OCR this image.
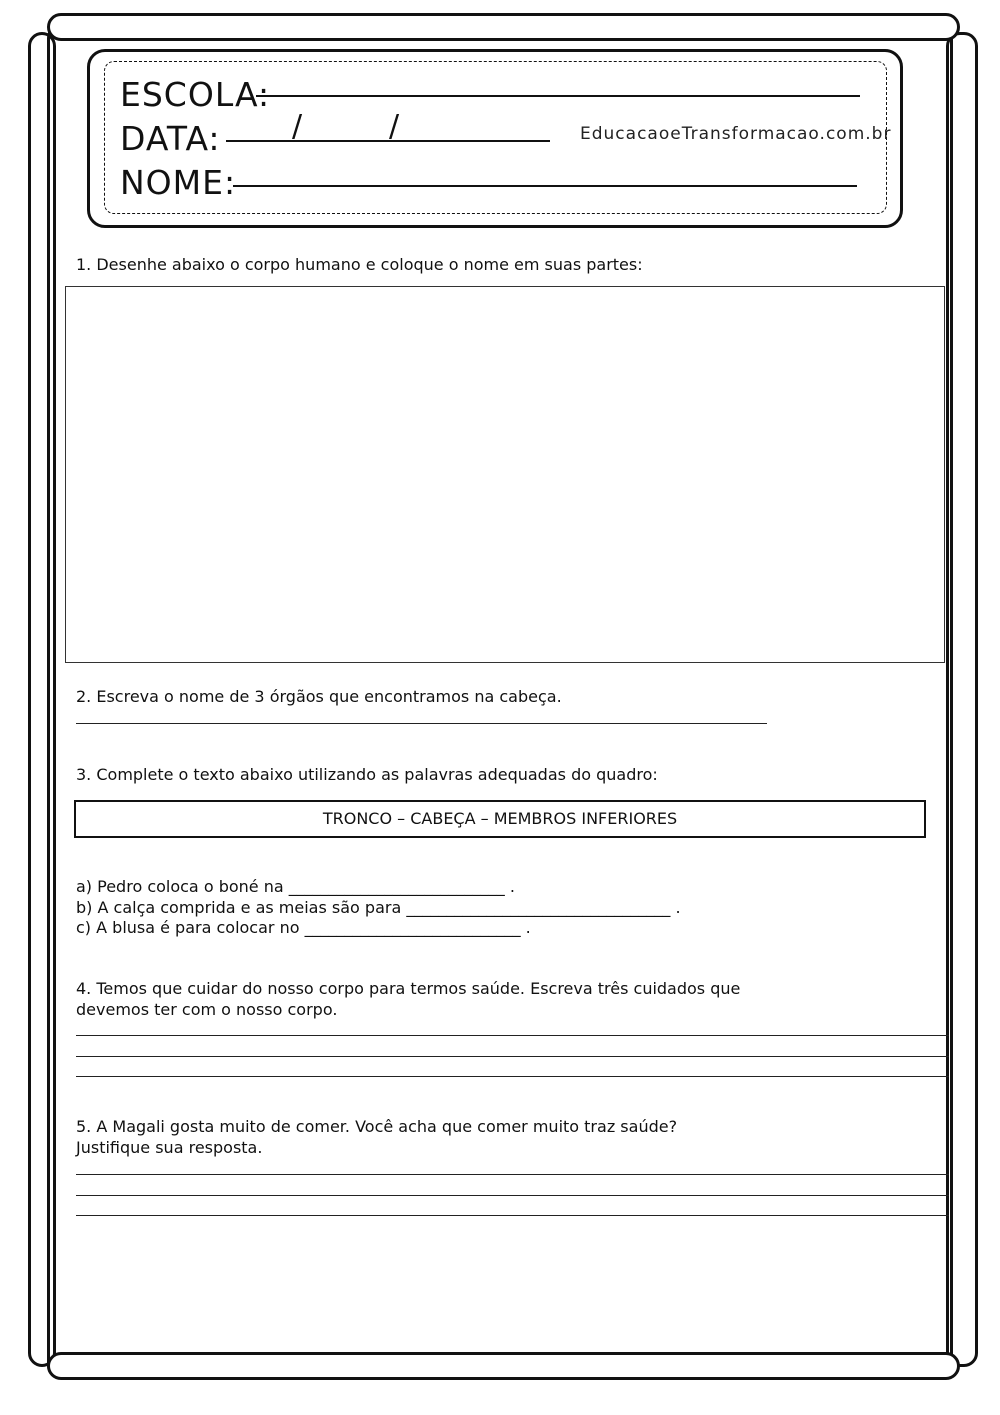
ESCOLA:
DATA: /	/	EducacaoeTransformacao.com.br
NOME:
1. Desenhe abaixo o corpo humano e coloque o nome em suas partes:
2. Escreva o nome de 3 órgãos que encontramos na cabeça.
3. Complete o texto abaixo utilizando as palavras adequadas do quadro:
TRONCO – CABEÇA – MEMBROS INFERIORES
a) Pedro coloca o boné na ___________________________ .
b) A calça comprida e as meias são para _________________________________ .
c) A blusa é para colocar no ___________________________ .
4. Temos que cuidar do nosso corpo para termos saúde. Escreva três cuidados que
devemos ter com o nosso corpo.
5. A Magali gosta muito de comer. Você acha que comer muito traz saúde?
Justifique sua resposta.
